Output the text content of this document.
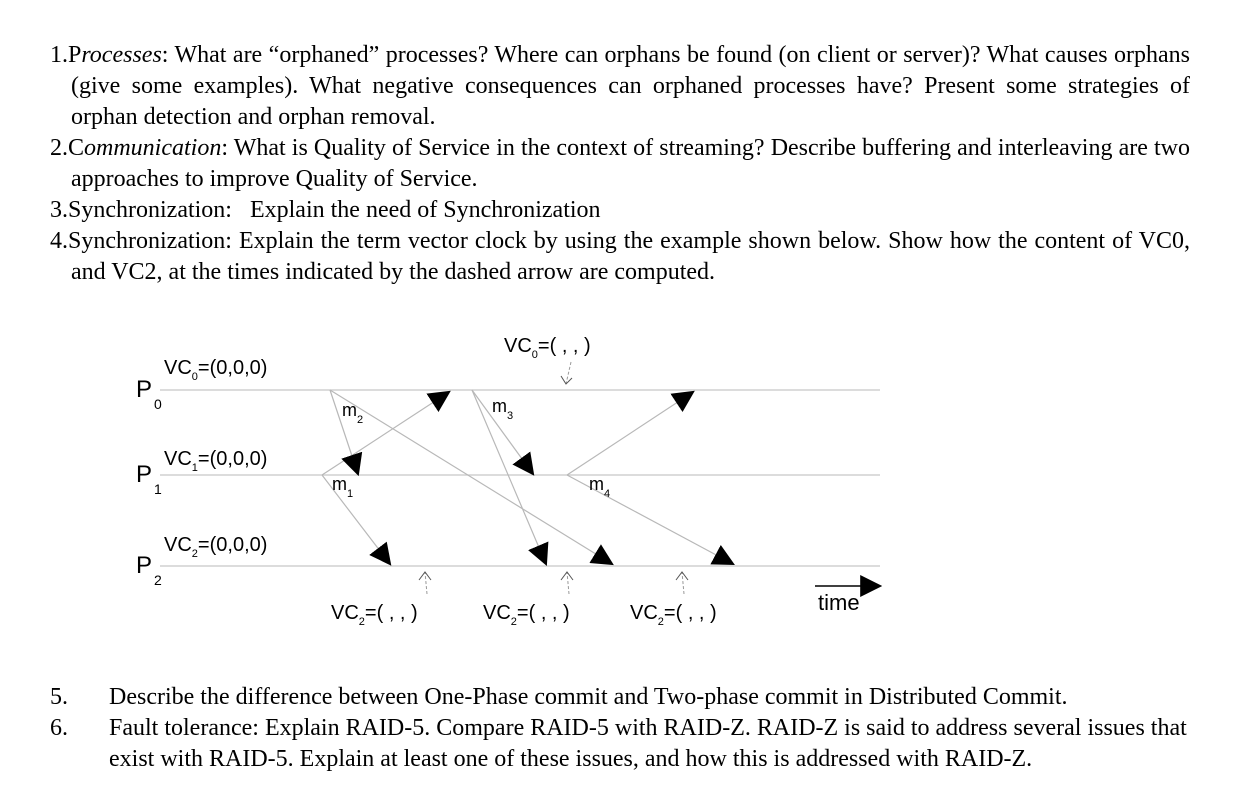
1.Processes: What are “orphaned” processes? Where can orphans be found (on client or server)? What causes orphans (give some examples). What negative consequences can orphaned processes have? Present some strategies of orphan detection and orphan removal.
2.Communication: What is Quality of Service in the context of streaming? Describe buffering and interleaving are two approaches to improve Quality of Service.
3.Synchronization:   Explain the need of Synchronization
4.Synchronization: Explain the term vector clock by using the example shown below. Show how the content of VC0, and VC2, at the times indicated by the dashed arrow are computed.
$P_0$
$P_1$
$P_2$
$VC_0=(0,0,0)$
$VC_1=(0,0,0)$
$VC_2=(0,0,0)$
$m_2$
$m_3$
$m_1$	$m_4$
$VC_0=$( , , )
$VC_2=$( , , )	$VC_2=$( , , )	$VC_2=$( , , )	time
5. Describe the difference between One-Phase commit and Two-phase commit in Distributed Commit.
6. Fault tolerance: Explain RAID-5. Compare RAID-5 with RAID-Z. RAID-Z is said to address several issues that exist with RAID-5. Explain at least one of these issues, and how this is addressed with RAID-Z.
